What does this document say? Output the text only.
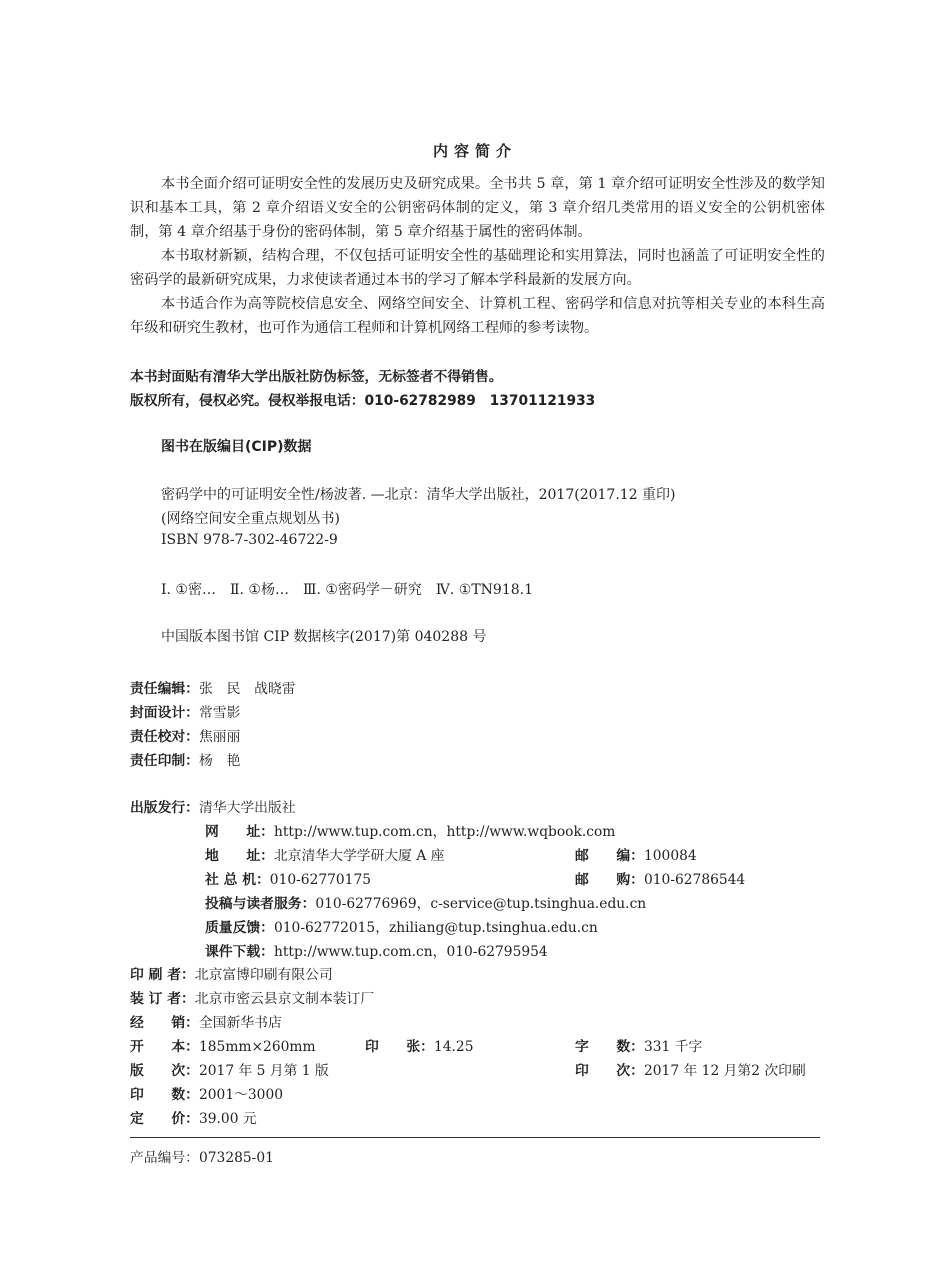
内容简介
本书全面介绍可证明安全性的发展历史及研究成果。全书共 5 章，第 1 章介绍可证明安全性涉及的数学知识和基本工具，第 2 章介绍语义安全的公钥密码体制的定义，第 3 章介绍几类常用的语义安全的公钥机密体制，第 4 章介绍基于身份的密码体制，第 5 章介绍基于属性的密码体制。
本书取材新颖，结构合理，不仅包括可证明安全性的基础理论和实用算法，同时也涵盖了可证明安全性的密码学的最新研究成果，力求使读者通过本书的学习了解本学科最新的发展方向。
本书适合作为高等院校信息安全、网络空间安全、计算机工程、密码学和信息对抗等相关专业的本科生高年级和研究生教材，也可作为通信工程师和计算机网络工程师的参考读物。
本书封面贴有清华大学出版社防伪标签，无标签者不得销售。
版权所有，侵权必究。侵权举报电话：010-62782989　13701121933
图书在版编目(CIP)数据
密码学中的可证明安全性/杨波著. —北京：清华大学出版社，2017(2017.12 重印)
(网络空间安全重点规划丛书)
ISBN 978-7-302-46722-9
Ⅰ. ①密…　Ⅱ. ①杨…　Ⅲ. ①密码学－研究　Ⅳ. ①TN918.1
中国版本图书馆 CIP 数据核字(2017)第 040288 号
责任编辑：张　民　战晓雷
封面设计：常雪影
责任校对：焦丽丽
责任印制：杨　艳
出版发行：清华大学出版社
网　　址：http://www.tup.com.cn，http://www.wqbook.com
地　　址：北京清华大学学研大厦 A 座	邮　　编：100084
社 总 机：010-62770175	邮　　购：010-62786544
投稿与读者服务：010-62776969，c-service@tup.tsinghua.edu.cn
质量反馈：010-62772015，zhiliang@tup.tsinghua.edu.cn
课件下载：http://www.tup.com.cn，010-62795954
印 刷 者：北京富博印刷有限公司
装 订 者：北京市密云县京文制本装订厂
经　　销：全国新华书店
开　　本：185mm×260mm	印　　张：14.25	字　　数：331 千字
版　　次：2017 年 5 月第 1 版	印　　次：2017 年 12 月第2 次印刷
印　　数：2001～3000
定　　价：39.00 元
产品编号：073285-01
